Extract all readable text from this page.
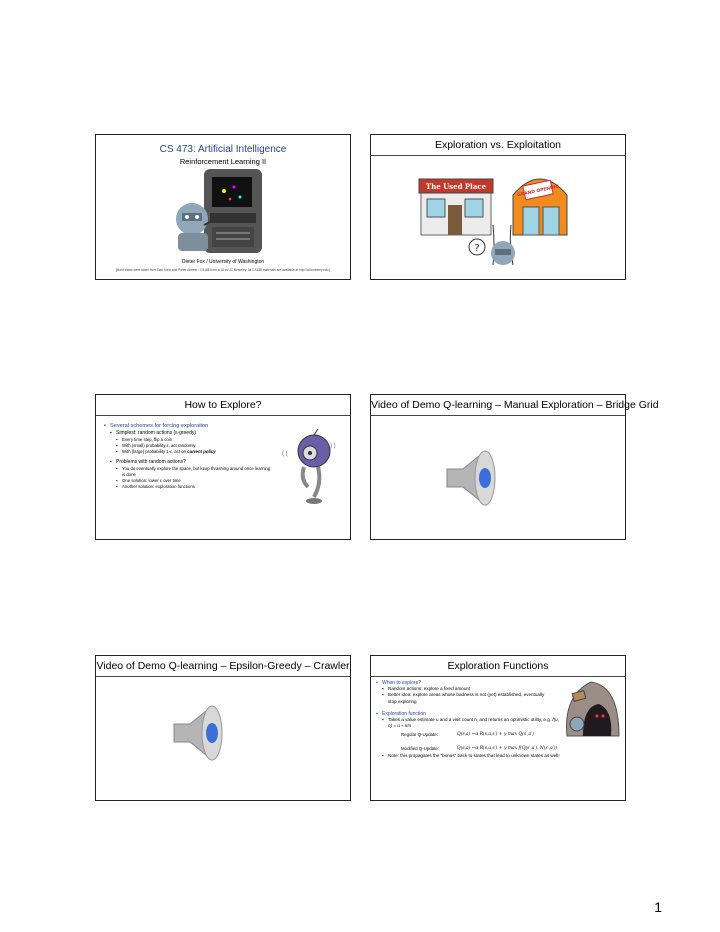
CS 473: Artificial Intelligence
Reinforcement Learning II
Dieter Fox / University of Washington
[Most slides were taken from Dan Klein and Pieter Abbeel / CS188 Intro to AI at UC Berkeley. All CS188 materials are available at http://ai.berkeley.edu.]
Exploration vs. Exploitation
The Used Place	GRAND OPENING
?
How to Explore?
▪ Several schemes for forcing exploration
▪ Simplest: random actions (ε-greedy)
▪	Every time step, flip a coin
▪	With (small) probability ε, act randomly
▪	With (large) probability 1-ε, act on current policy
▪ Problems with random actions?
▪	You do eventually explore the space, but keep thrashing around once learning is done
▪	One solution: lower ε over time
▪	Another solution: exploration functions
( (
) )
Video of Demo Q-learning – Manual Exploration – Bridge Grid
Video of Demo Q-learning – Epsilon-Greedy – Crawler	Exploration Functions
▪ When to explore?
▪ Random actions: explore a fixed amount
▪ Better idea: explore areas whose badness is not (yet) established, eventually stop exploring
▪ Exploration function
▪ Takes a value estimate u and a visit count n, and returns an optimistic utility, e.g. f(u, n) = u + k/n
▪ Note: this propagates the “bonus” back to states that lead to unknown states as well!
Regular Q-Update:	Q(s,a) ←α R(s,a,s′) + γ max Q(s′,a′)
Modified Q-Update:	Q(s,a) ←α R(s,a,s′) + γ max f(Q(s′,a′), N(s′,a′))
1
